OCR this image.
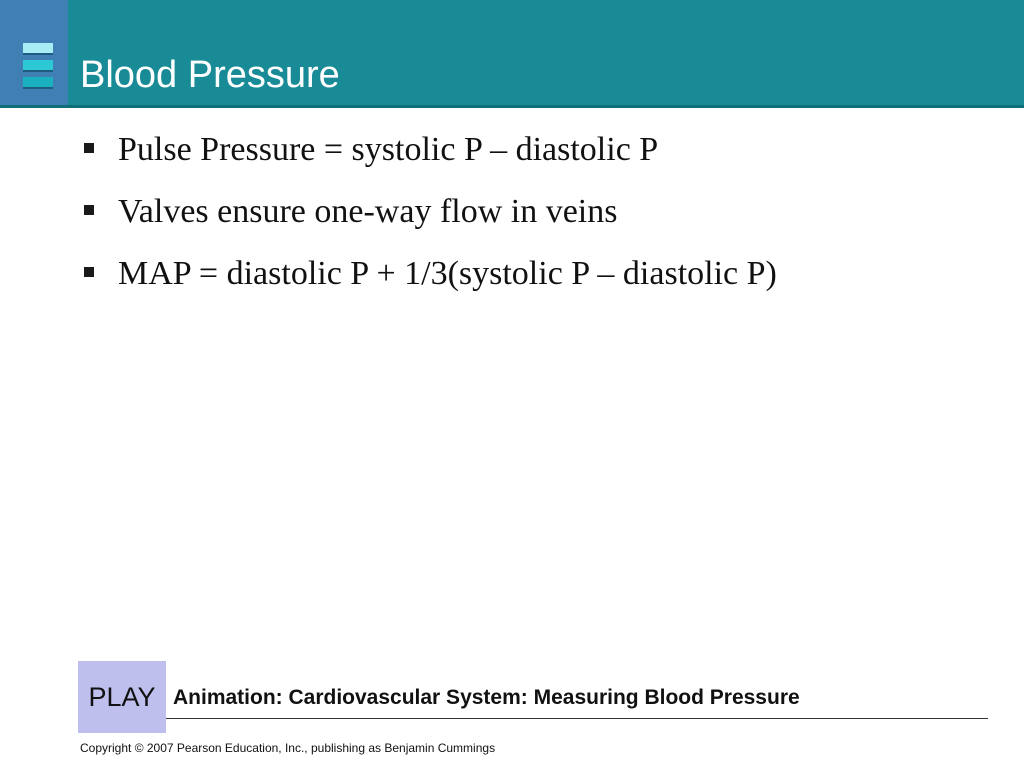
Blood Pressure
Pulse Pressure = systolic P – diastolic P
Valves ensure one-way flow in veins
MAP = diastolic P + 1/3(systolic P – diastolic P)
PLAY Animation: Cardiovascular System: Measuring Blood Pressure
Copyright © 2007 Pearson Education, Inc., publishing as Benjamin Cummings
